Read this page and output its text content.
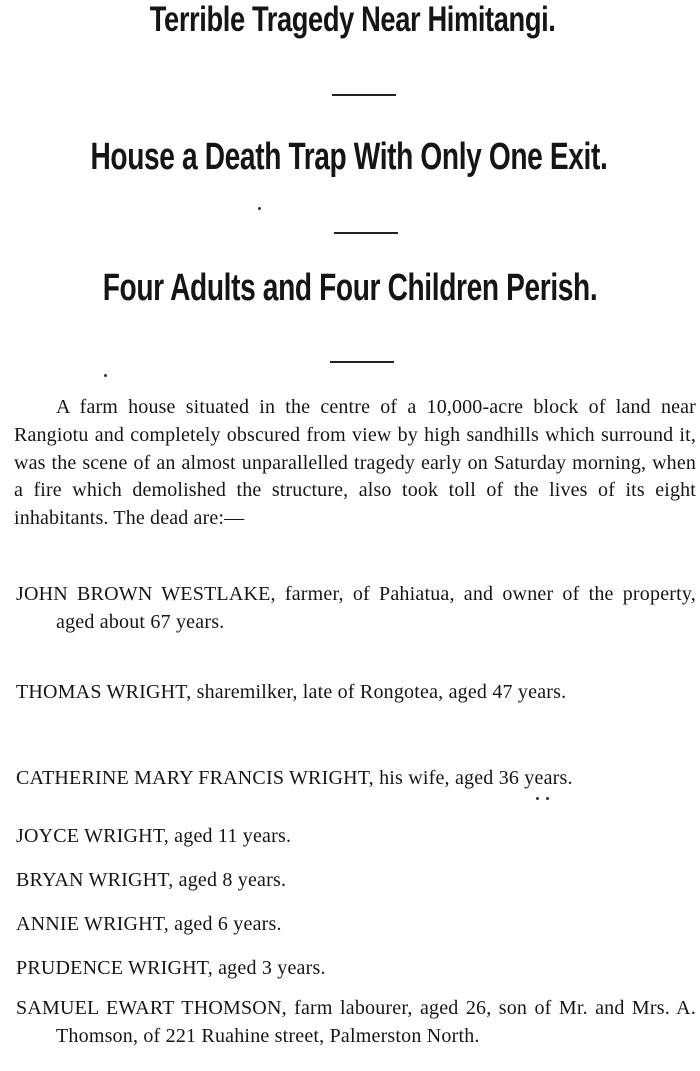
Terrible Tragedy Near Himitangi.
House a Death Trap With Only One Exit.
Four Adults and Four Children Perish.

A farm house situated in the centre of a 10,000-acre block of land near Rangiotu and completely obscured from view by high sandhills which surround it, was the scene of an almost unparallelled tragedy early on Saturday morning, when a fire which demolished the structure, also took toll of the lives of its eight inhabitants. The dead are:—

JOHN BROWN WESTLAKE, farmer, of Pahiatua, and owner of the property, aged about 67 years.
THOMAS WRIGHT, sharemilker, late of Rongotea, aged 47 years.
CATHERINE MARY FRANCIS WRIGHT, his wife, aged 36 years.
JOYCE WRIGHT, aged 11 years.
BRYAN WRIGHT, aged 8 years.
ANNIE WRIGHT, aged 6 years.
PRUDENCE WRIGHT, aged 3 years.
SAMUEL EWART THOMSON, farm labourer, aged 26, son of Mr. and Mrs. A. Thomson, of 221 Ruahine street, Palmerston North.
